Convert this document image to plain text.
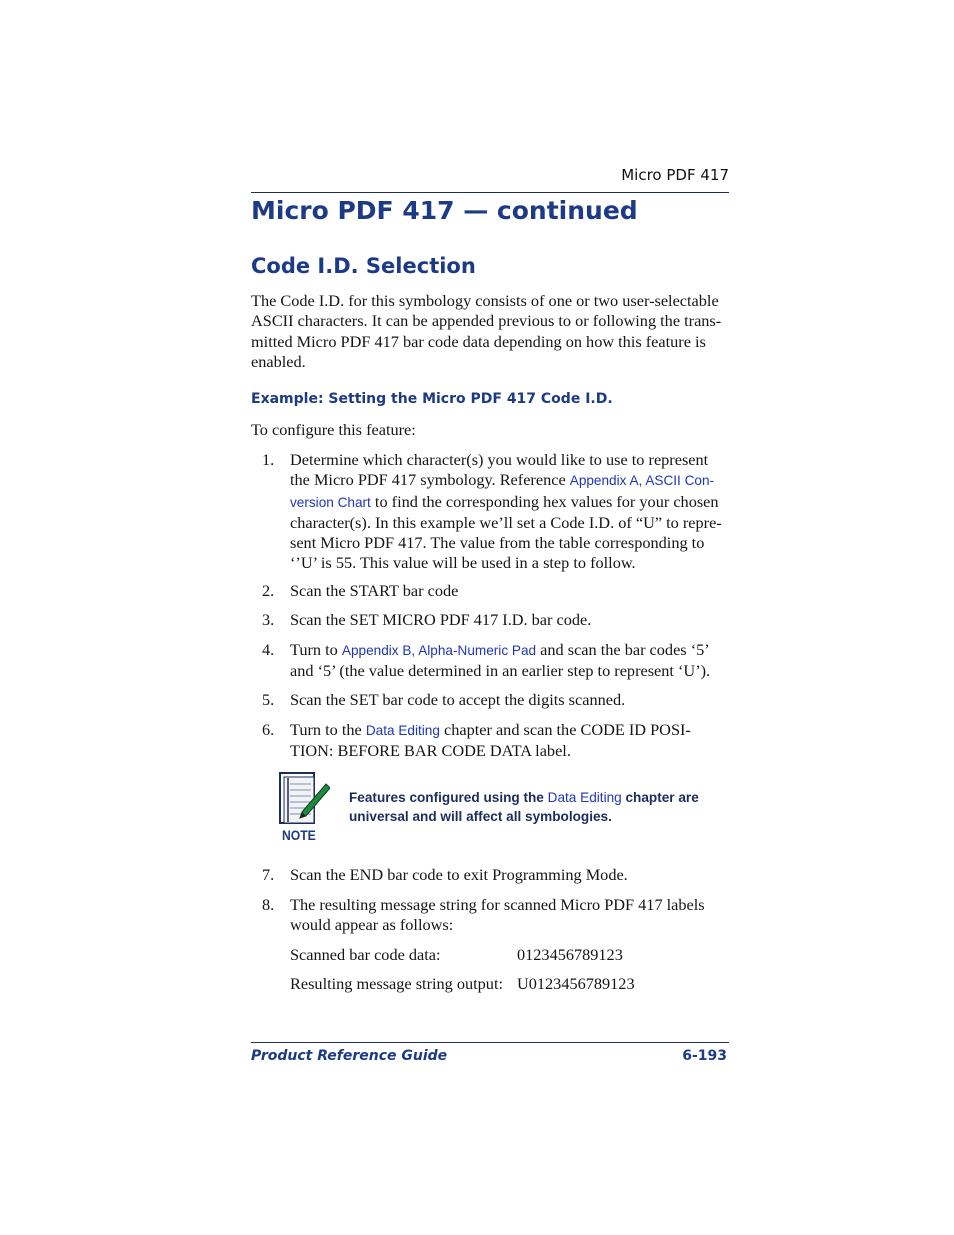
Micro PDF 417
Micro PDF 417 — continued
Code I.D. Selection

The Code I.D. for this symbology consists of one or two user-selectable ASCII characters. It can be appended previous to or following the trans-mitted Micro PDF 417 bar code data depending on how this feature is enabled.

Example: Setting the Micro PDF 417 Code I.D.

To configure this feature:

1. Determine which character(s) you would like to use to represent the Micro PDF 417 symbology. Reference Appendix A, ASCII Con-version Chart to find the corresponding hex values for your chosen character(s). In this example we’ll set a Code I.D. of “U” to repre-sent Micro PDF 417. The value from the table corresponding to ‘’U’ is 55. This value will be used in a step to follow.
2. Scan the START bar code
3. Scan the SET MICRO PDF 417 I.D. bar code.
4. Turn to Appendix B, Alpha-Numeric Pad and scan the bar codes ‘5’ and ‘5’ (the value determined in an earlier step to represent ‘U’).
5. Scan the SET bar code to accept the digits scanned.
6. Turn to the Data Editing chapter and scan the CODE ID POSI-TION: BEFORE BAR CODE DATA label.
NOTE
Features configured using the Data Editing chapter are universal and will affect all symbologies.
7. Scan the END bar code to exit Programming Mode.
8. The resulting message string for scanned Micro PDF 417 labels would appear as follows:
Scanned bar code data:	0123456789123
Resulting message string output: U0123456789123
Product Reference Guide	6-193
